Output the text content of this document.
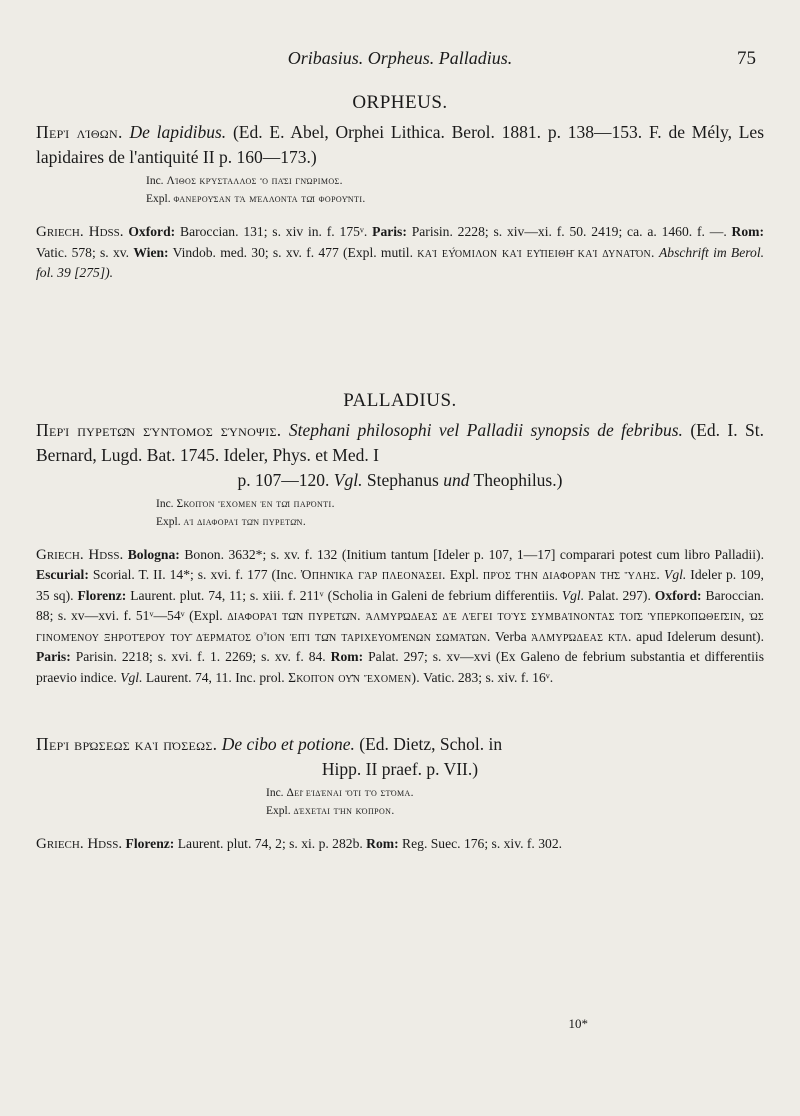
Oribasius. Orpheus. Palladius.	75
ORPHEUS.
Περὶ λίθων. De lapidibus. (Ed. E. Abel, Orphei Lithica. Berol. 1881. p. 138—153. F. de Mély, Les lapidaires de l'antiquité II p. 160—173.)
Inc. Λίθος κρύσταλλος ὃ πᾶσι γνώριμος.
Expl. φανεροῦσαν τὰ μέλλοντα τῷ φοροῦντι.
Griech. Hdss. Oxford: Baroccian. 131; s. xiv in. f. 175ᵛ. Paris: Parisin. 2228; s. xiv—xi. f. 50. 2419; ca. a. 1460. f. —. Rom: Vatic. 578; s. xv. Wien: Vindob. med. 30; s. xv. f. 477 (Expl. mutil. καὶ εὔοmιλον καὶ εὐπειθῆ καὶ δυνατόν. Abschrift im Berol. fol. 39 [275]).
PALLADIUS.
Περὶ πυρετῶν σύντομος σύνοψις. Stephani philosophi vel Palladii synopsis de febribus. (Ed. I. St. Bernard, Lugd. Bat. 1745. Ideler, Phys. et Med. I
p. 107—120. Vgl. Stephanus und Theophilus.)
Inc. Σκοπὸν ἔχομεν ἐν τῷ παρόντι.
Expl. αἱ διαφοραὶ τῶν πυρετῶν.
Griech. Hdss. Bologna: Bonon. 3632*; s. xv. f. 132 (Initium tantum [Ideler p. 107, 1—17] comparari potest cum libro Palladii). Escurial: Scorial. T. II. 14*; s. xvi. f. 177 (Inc. Ὀπηνίκα γὰρ πλεονάσει. Expl. πρὸς τὴν διαφορὰν τῆς ὕλης. Vgl. Ideler p. 109, 35 sq). Florenz: Laurent. plut. 74, 11; s. xiii. f. 211ᵛ (Scholia in Galeni de febrium differentiis. Vgl. Palat. 297). Oxford: Baroccian. 88; s. xv—xvi. f. 51ᵛ—54ᵛ (Expl. διαφοραὶ τῶν πυρετῶν. ἁλμυρώδεας δὲ λέγει τοὺς συμβαίνοντας τοῖς ὑπερκοπωθεῖσιν, ὡς γινομένου ξηροτέρου τοῦ δέρματος οἷον ἐπὶ τῶν ταριχευομένων σωμάτων. Verba ἁλμυρώδεας κτλ. apud Idelerum desunt). Paris: Parisin. 2218; s. xvi. f. 1. 2269; s. xv. f. 84. Rom: Palat. 297; s. xv—xvi (Ex Galeno de febrium substantia et differentiis praevio indice. Vgl. Laurent. 74, 11. Inc. prol. Σκοπὸν οὖν ἔχομεν). Vatic. 283; s. xiv. f. 16ᵛ.
Περὶ βρώσεως καὶ πόσεως. De cibo et potione. (Ed. Dietz, Schol. in
Hipp. II praef. p. VII.)
Inc. Δεῖ εἰδέναι ὅτι τὸ στόμα.
Expl. δέχεται τὴν κόπρον.
Griech. Hdss. Florenz: Laurent. plut. 74, 2; s. xi. p. 282b. Rom: Reg. Suec. 176; s. xiv. f. 302.
10*
